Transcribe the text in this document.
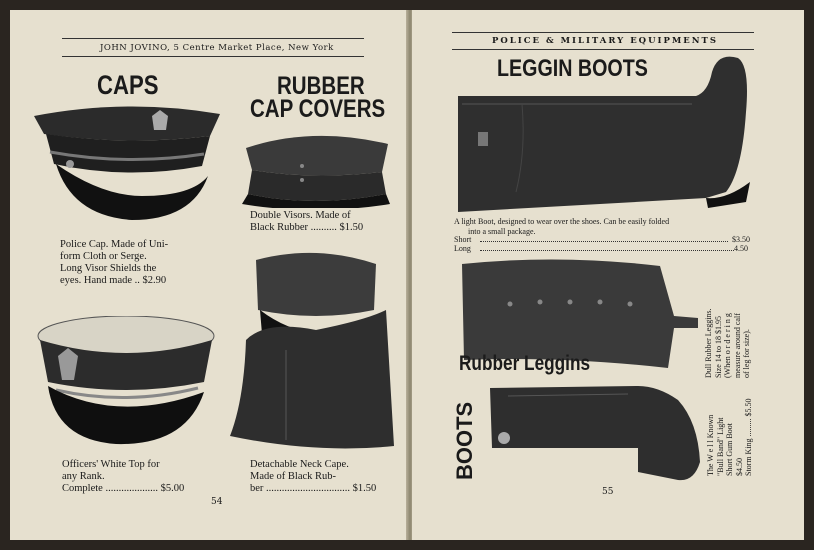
JOHN JOVINO, 5 Centre Market Place, New York
CAPS	RUBBER
CAP COVERS

Police Cap. Made of Uni-

form Cloth or Serge.

Long Visor Shields the

eyes. Hand made .. $2.90

Double Visors. Made of

Black Rubber .......... $1.50

Officers' White Top for

any Rank.

Complete .................... $5.00

Detachable Neck Cape.

Made of Black Rub-

ber ................................ $1.50

54
POLICE & MILITARY EQUIPMENTS
LEGGIN BOOTS

A light Boot, designed to wear over the shoes. Can be easily folded

into a small package.

Short	$3.50
Long	4.50
Rubber Leggins	Dull Rubber Leggins. Size 14 to 18 $1.95 (When o r d e r i n g measure around calf of leg for size).

BOOTS	The W e l l Known "Bull Band" Light Short Gum Boot $4.50 Storm King ......... $5.50

55
